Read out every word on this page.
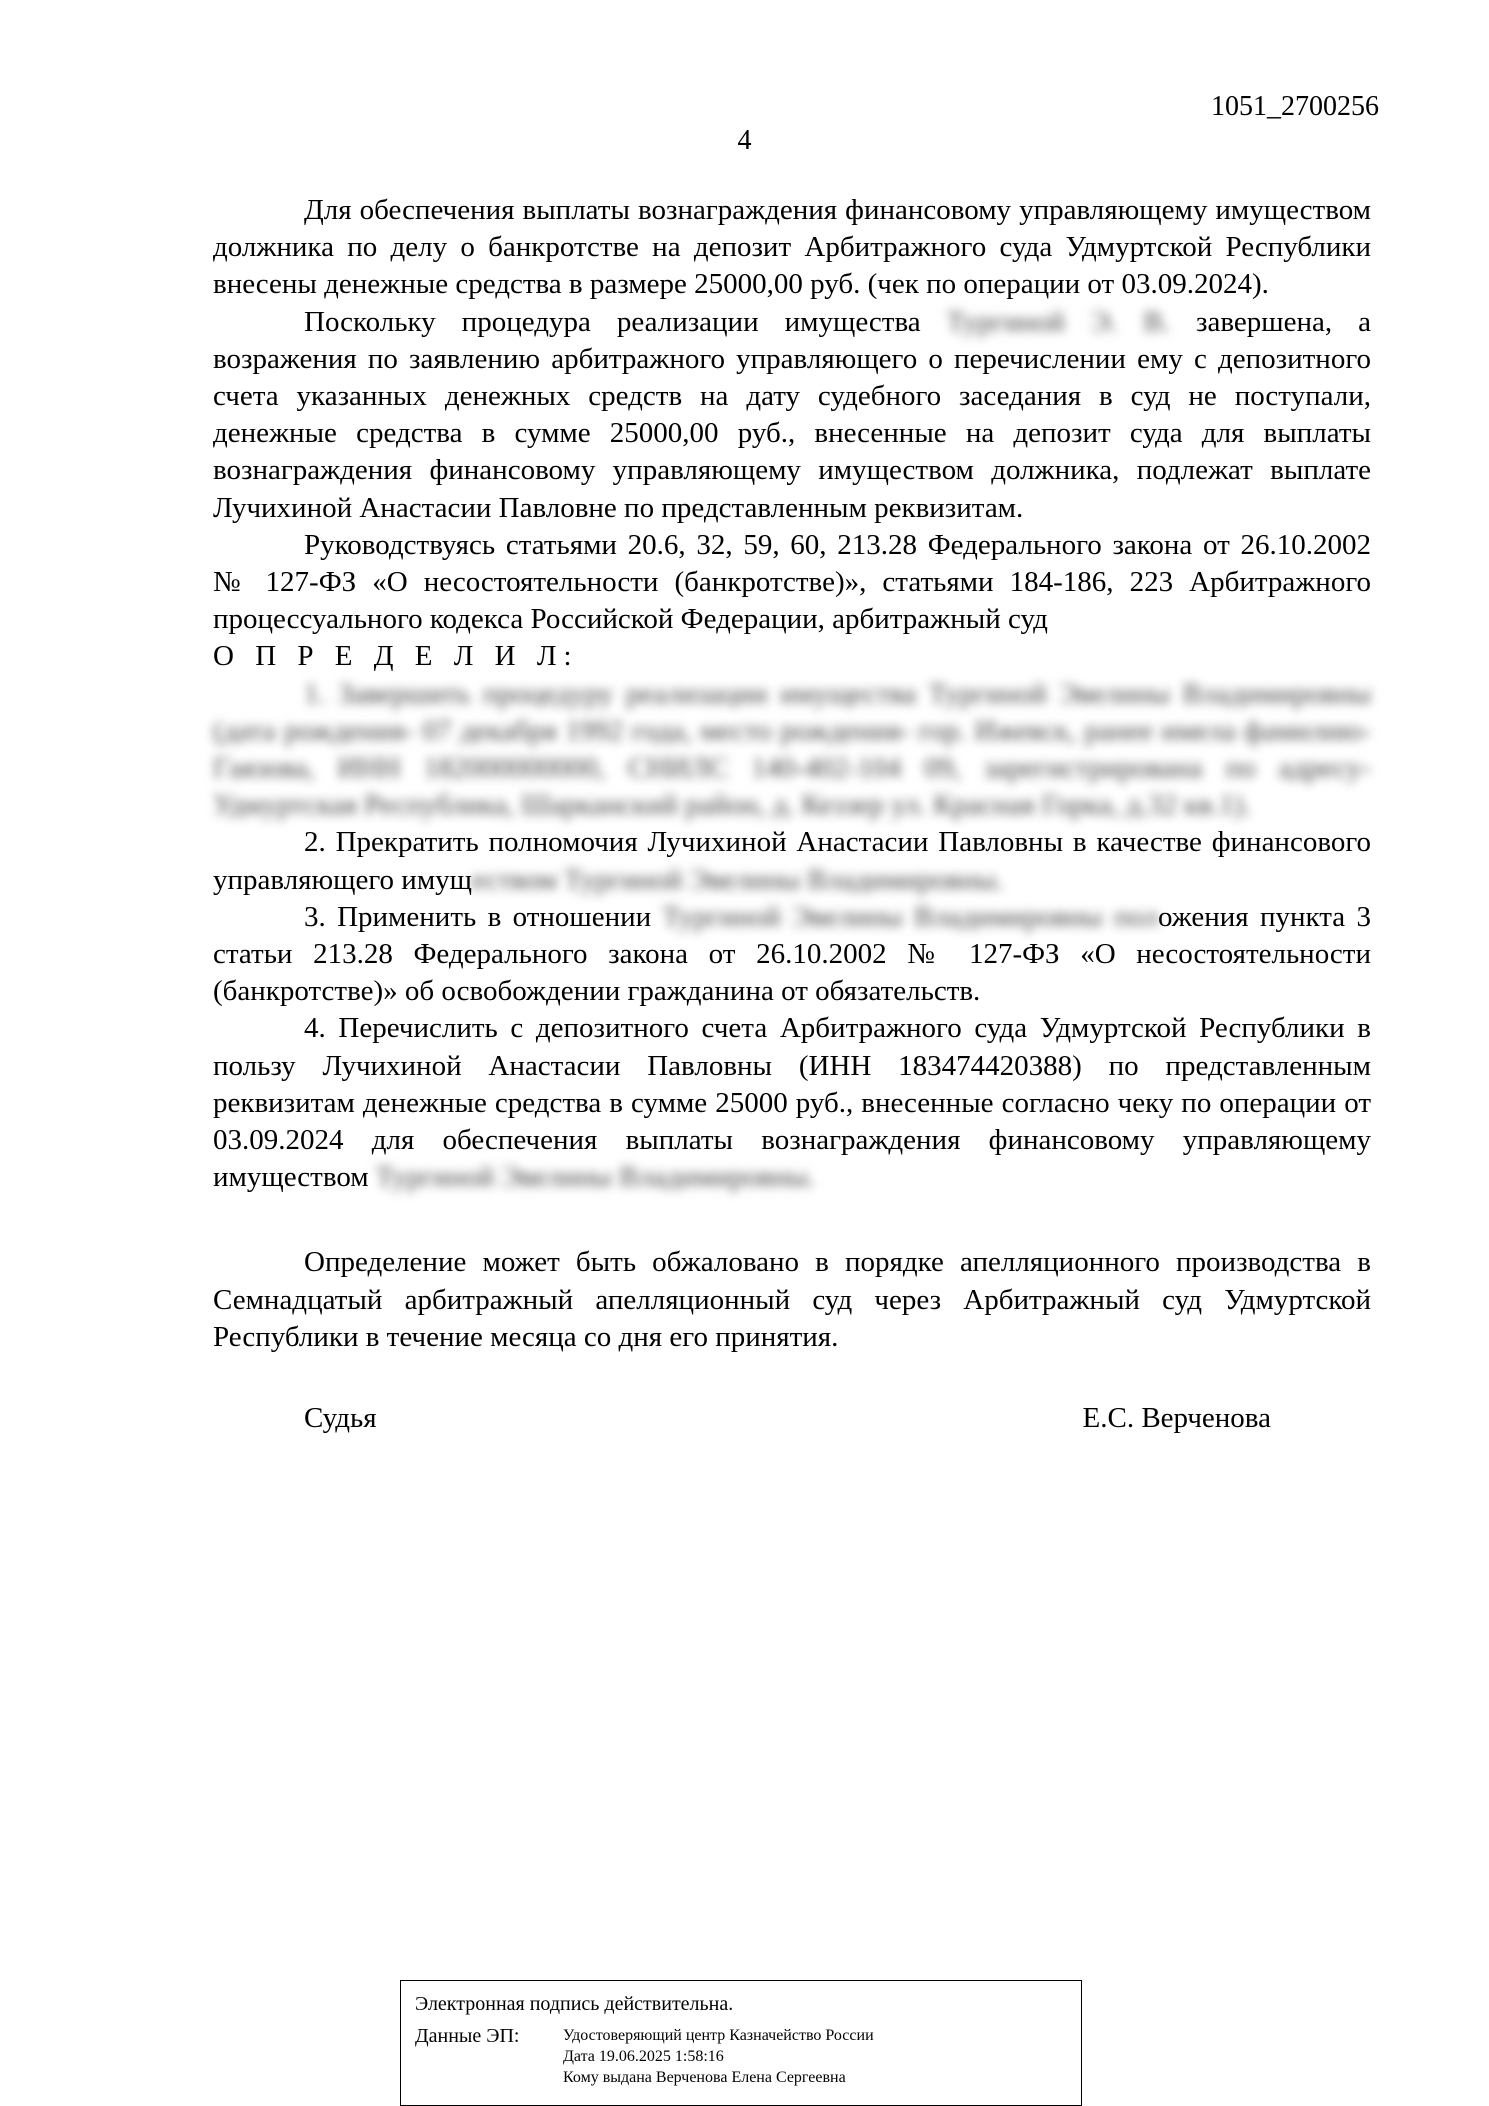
1051_2700256
4

Для обеспечения выплаты вознаграждения финансовому управляющему имуществом должника по делу о банкротстве на депозит Арбитражного суда Удмуртской Республики внесены денежные средства в размере 25000,00 руб. (чек по операции от 03.09.2024).

Поскольку процедура реализации имущества Тургиной Э. В. завершена, а возражения по заявлению арбитражного управляющего о перечислении ему с депозитного счета указанных денежных средств на дату судебного заседания в суд не поступали, денежные средства в сумме 25000,00 руб., внесенные на депозит суда для выплаты вознаграждения финансовому управляющему имуществом должника, подлежат выплате Лучихиной Анастасии Павловне по представленным реквизитам.

Руководствуясь статьями 20.6, 32, 59, 60, 213.28 Федерального закона от 26.10.2002 № 127-ФЗ «О несостоятельности (банкротстве)», статьями 184-186, 223 Арбитражного процессуального кодекса Российской Федерации, арбитражный суд

О П Р Е Д Е Л И Л:

1. Завершить процедуру реализации имущества Тургиной Эвелины Владимировны (дата рождения- 07 декабря 1992 года, место рождения- гор. Ижевск, ранее имела фамилию- Гаязова, ИНН 182000000000, СНИЛС 140-402-104 09, зарегистрирована по адресу- Удмуртская Республика, Шарканский район, д. Кеззер ул. Красная Горка, д.32 кв.1).

2. Прекратить полномочия Лучихиной Анастасии Павловны в качестве финансового управляющего имуществом Тургиной Эвелины Владимировны.

3. Применить в отношении Тургиной Эвелины Владимировны положения пункта 3 статьи 213.28 Федерального закона от 26.10.2002 № 127-ФЗ «О несостоятельности (банкротстве)» об освобождении гражданина от обязательств.

4. Перечислить с депозитного счета Арбитражного суда Удмуртской Республики в пользу Лучихиной Анастасии Павловны (ИНН 183474420388) по представленным реквизитам денежные средства в сумме 25000 руб., внесенные согласно чеку по операции от 03.09.2024 для обеспечения выплаты вознаграждения финансовому управляющему имуществом Тургиной Эвелины Владимировны.

Определение может быть обжаловано в порядке апелляционного производства в Семнадцатый арбитражный апелляционный суд через Арбитражный суд Удмуртской Республики в течение месяца со дня его принятия.

Судья	Е.С. Верченова
Электронная подпись действительна.
Данные ЭП:	Удостоверяющий центр Казначейство России
Дата 19.06.2025 1:58:16
Кому выдана Верченова Елена Сергеевна
